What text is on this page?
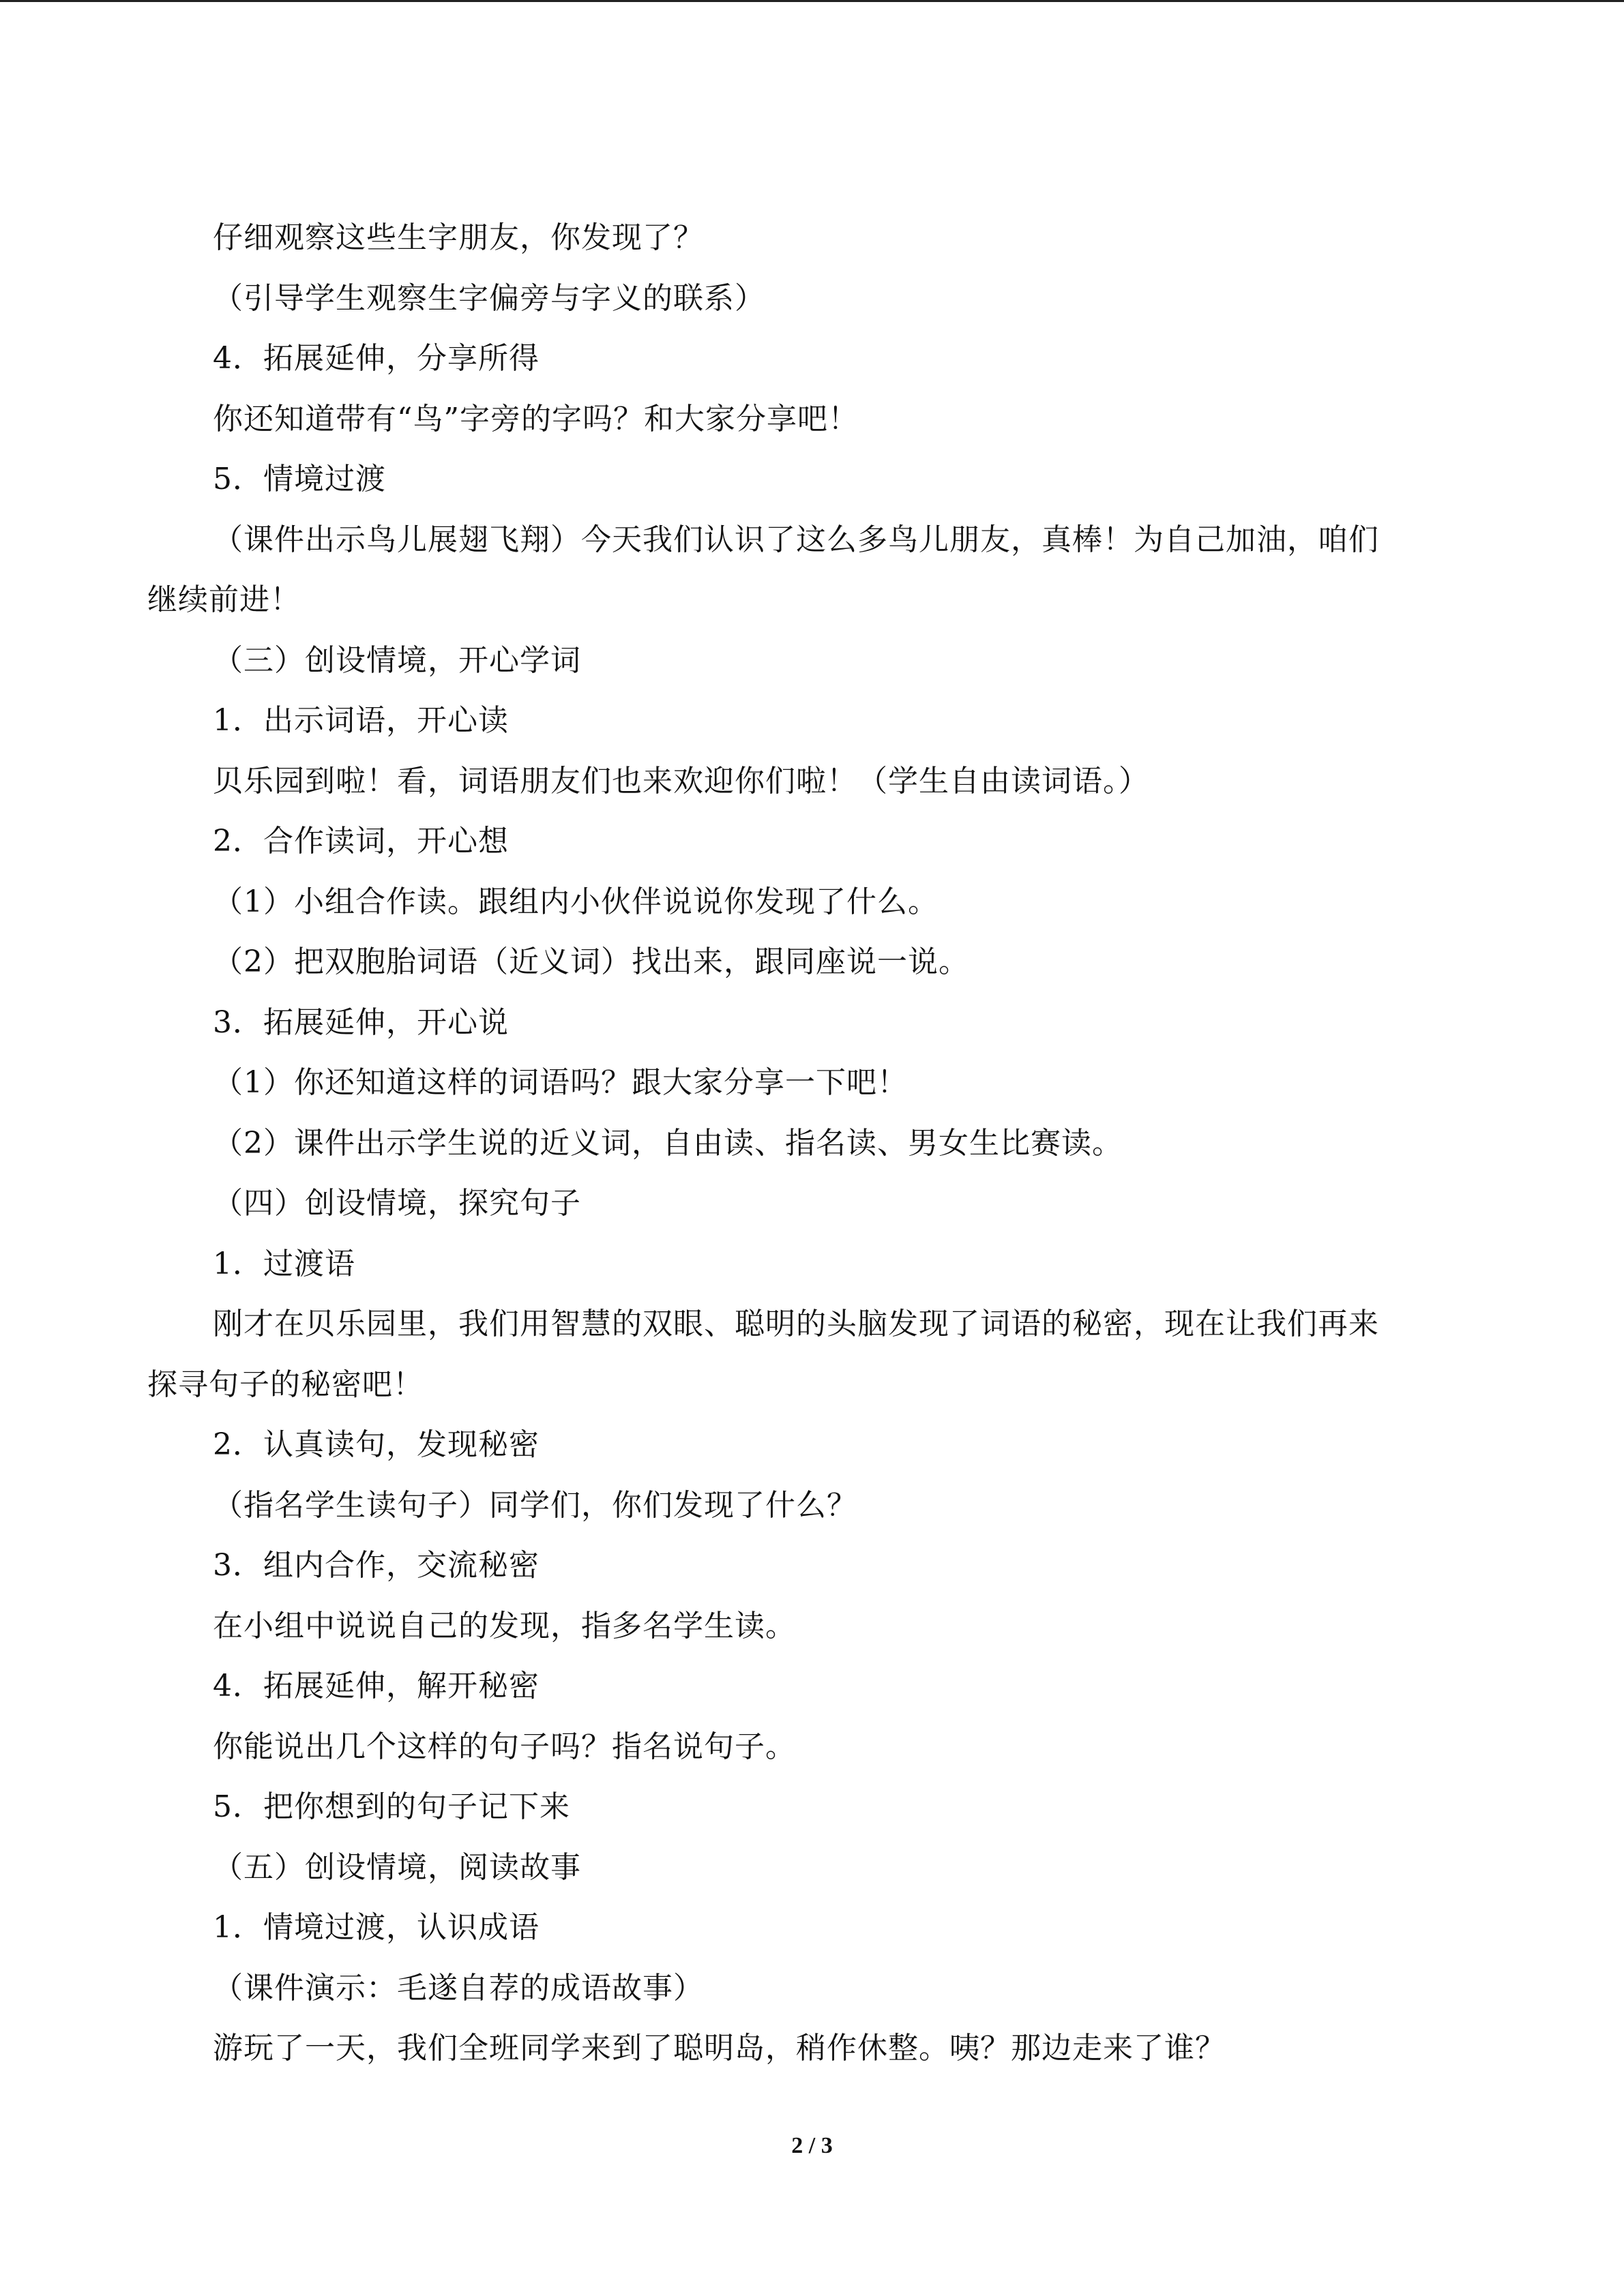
仔细观察这些生字朋友，你发现了？
（引导学生观察生字偏旁与字义的联系）
4．拓展延伸，分享所得
你还知道带有“鸟”字旁的字吗？和大家分享吧！
5．情境过渡
（课件出示鸟儿展翅飞翔）今天我们认识了这么多鸟儿朋友，真棒！为自己加油，咱们
继续前进！
（三）创设情境，开心学词
1．出示词语，开心读
贝乐园到啦！看，词语朋友们也来欢迎你们啦！（学生自由读词语。）
2．合作读词，开心想
（1）小组合作读。跟组内小伙伴说说你发现了什么。
（2）把双胞胎词语（近义词）找出来，跟同座说一说。
3．拓展延伸，开心说
（1）你还知道这样的词语吗？跟大家分享一下吧！
（2）课件出示学生说的近义词，自由读、指名读、男女生比赛读。
（四）创设情境，探究句子
1．过渡语
刚才在贝乐园里，我们用智慧的双眼、聪明的头脑发现了词语的秘密，现在让我们再来
探寻句子的秘密吧！
2．认真读句，发现秘密
（指名学生读句子）同学们，你们发现了什么？
3．组内合作，交流秘密
在小组中说说自己的发现，指多名学生读。
4．拓展延伸，解开秘密
你能说出几个这样的句子吗？指名说句子。
5．把你想到的句子记下来
（五）创设情境，阅读故事
1．情境过渡，认识成语
（课件演示：毛遂自荐的成语故事）
游玩了一天，我们全班同学来到了聪明岛，稍作休整。咦？那边走来了谁？
2 / 3
